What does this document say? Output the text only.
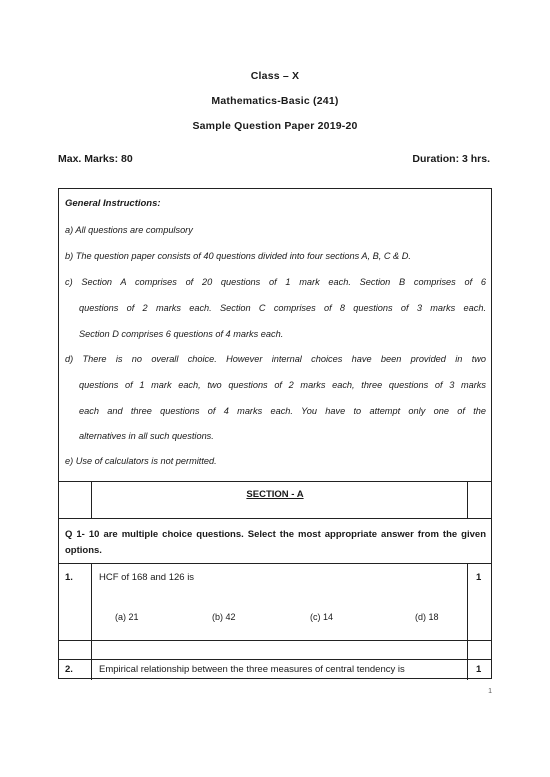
Class – X
Mathematics-Basic (241)
Sample Question Paper 2019-20
Max. Marks: 80	Duration: 3 hrs.
General Instructions:
a) All questions are compulsory
b) The question paper consists of 40 questions divided into four sections A, B, C & D.
c) Section A comprises of 20 questions of 1 mark each. Section B comprises of 6
questions of 2 marks each. Section C comprises of 8 questions of 3 marks each.
Section D comprises 6 questions of 4 marks each.
d) There is no overall choice. However internal choices have been provided in two
questions of 1 mark each, two questions of 2 marks each, three questions of 3 marks
each and three questions of 4 marks each. You have to attempt only one of the
alternatives in all such questions.
e) Use of calculators is not permitted.
SECTION - A
Q 1- 10 are multiple choice questions. Select the most appropriate answer from the given options.
1.	HCF of 168 and 126 is	1
(a) 21	(b) 42	(c) 14	(d) 18
2.	Empirical relationship between the three measures of central tendency is	1
1
